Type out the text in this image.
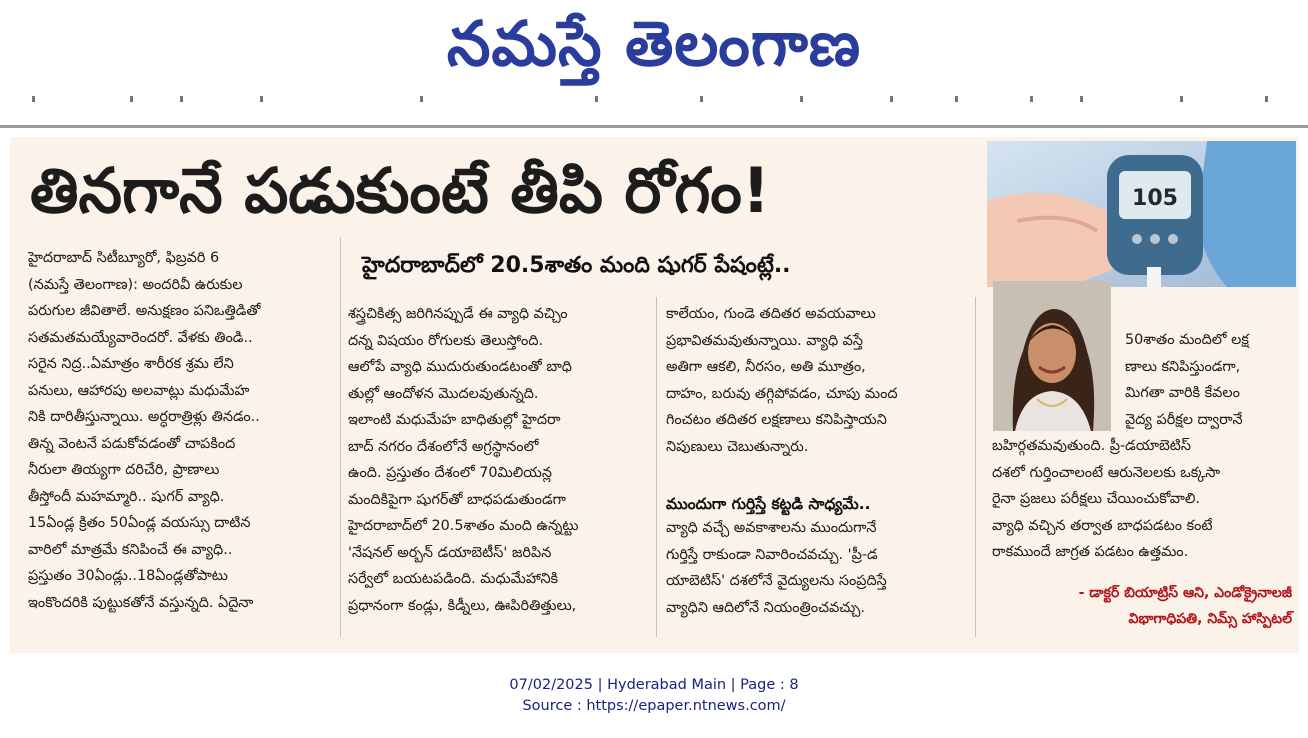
నమస్తే తెలంగాణ
తినగానే పడుకుంటే తీపి రోగం!	105
హైదరాబాద్‌లో 20.5శాతం మంది షుగర్ పేషంట్లే..

హైదరాబాద్ సిటీబ్యూరో, ఫిబ్రవరి 6

(నమస్తే తెలంగాణ): అందరివీ ఉరుకుల

పరుగుల జీవితాలే. అనుక్షణం పనిఒత్తిడితో

సతమతమయ్యేవారెందరో. వేళకు తిండి..

సరైన నిద్ర..ఏమాత్రం శారీరక శ్రమ లేని

పనులు, ఆహారపు అలవాట్లు మధుమేహ

నికి దారితీస్తున్నాయి. అర్ధరాత్రిళ్లు తినడం..

తిన్న వెంటనే పడుకోవడంతో చాపకింద

నీరులా తియ్యగా దరిచేరి, ప్రాణాలు

తీస్తోందీ మహమ్మారి.. షుగర్ వ్యాధి.

15ఏండ్ల క్రితం 50ఏండ్ల వయస్సు దాటిన

వారిలో మాత్రమే కనిపించే ఈ వ్యాధి..

ప్రస్తుతం 30ఏండ్లు..18ఏండ్లతోపాటు

ఇంకొందరికి పుట్టుకతోనే వస్తున్నది. ఏదైనా

శస్త్రచికిత్స జరిగినప్పుడే ఈ వ్యాధి వచ్చిం

దన్న విషయం రోగులకు తెలుస్తోంది.

ఆలోపే వ్యాధి ముదురుతుండటంతో బాధి

తుల్లో ఆందోళన మొదలవుతున్నది.

ఇలాంటి మధుమేహ బాధితుల్లో హైదరా

బాద్ నగరం దేశంలోనే అగ్రస్థానంలో

ఉంది. ప్రస్తుతం దేశంలో 70మిలియన్ల

మందికిపైగా షుగర్‌తో బాధపడుతుండగా

హైదరాబాద్‌లో 20.5శాతం మంది ఉన్నట్టు

'నేషనల్ అర్బన్ డయాబెటీస్' జరిపిన

సర్వేలో బయటపడింది. మధుమేహానికి

ప్రధానంగా కండ్లు, కిడ్నీలు, ఊపిరితిత్తులు,

కాలేయం, గుండె తదితర అవయవాలు

ప్రభావితమవుతున్నాయి. వ్యాధి వస్తే

అతిగా ఆకలి, నీరసం, అతి మూత్రం,

దాహం, బరువు తగ్గిపోవడం, చూపు మంద

గించటం తదితర లక్షణాలు కనిపిస్తాయని

నిపుణులు చెబుతున్నారు.

ముందుగా గుర్తిస్తే కట్టడి సాధ్యమే..

వ్యాధి వచ్చే అవకాశాలను ముందుగానే

గుర్తిస్తే రాకుండా నివారించవచ్చు. 'ప్రీ-డ

యాబెటిస్' దశలోనే వైద్యులను సంప్రదిస్తే

వ్యాధిని ఆదిలోనే నియంత్రించవచ్చు.

50శాతం మందిలో లక్ష

ణాలు కనిపిస్తుండగా,

మిగతా వారికి కేవలం

వైద్య పరీక్షల ద్వారానే

బహిర్గతమవుతుంది. ప్రీ-డయాబెటిస్

దశలో గుర్తించాలంటే ఆరునెలలకు ఒక్కసా

రైనా ప్రజలు పరీక్షలు చేయించుకోవాలి.

వ్యాధి వచ్చిన తర్వాత బాధపడటం కంటే

రాకముందే జాగ్రత పడటం ఉత్తమం.

- డాక్టర్ బియాట్రిస్ ఆని, ఎండోక్రైనాలజీ

విభాగాధిపతి, నిమ్స్ హాస్పిటల్

07/02/2025 | Hyderabad Main | Page : 8
Source : https://epaper.ntnews.com/
